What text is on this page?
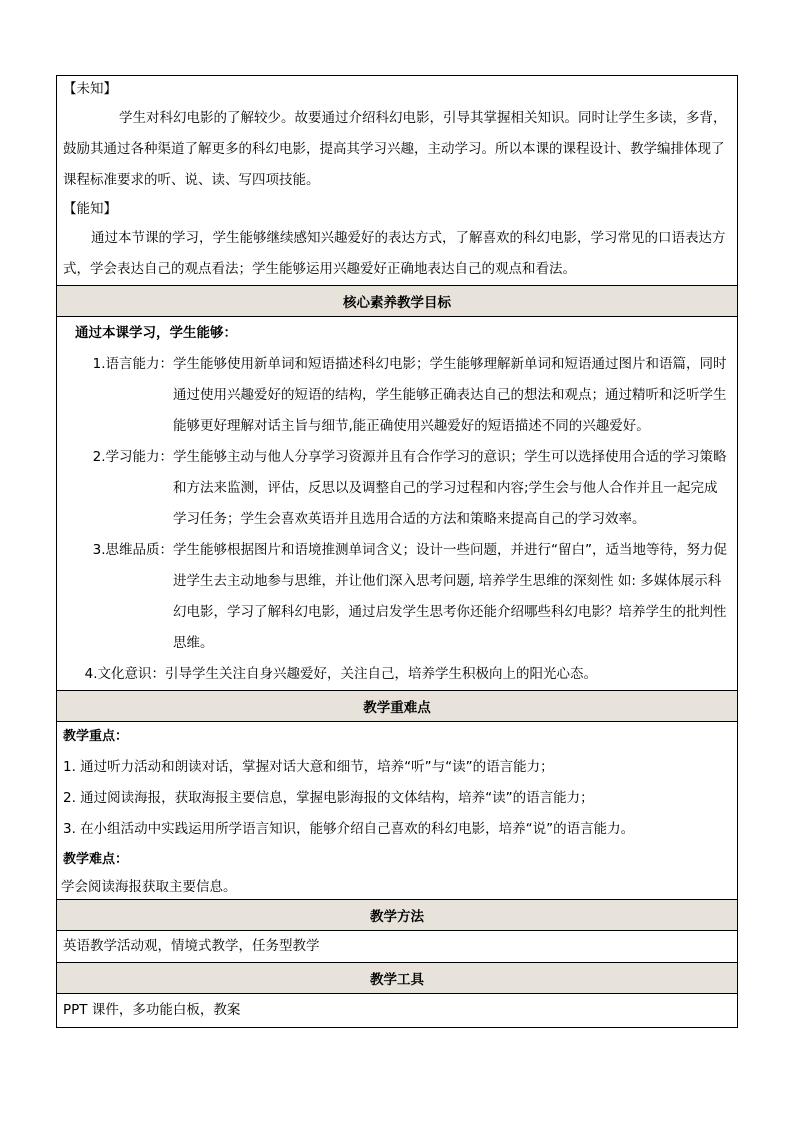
【未知】
学生对科幻电影的了解较少。故要通过介绍科幻电影，引导其掌握相关知识。同时让学生多读，多背，鼓励其通过各种渠道了解更多的科幻电影，提高其学习兴趣，主动学习。所以本课的课程设计、教学编排体现了课程标准要求的听、说、读、写四项技能。
【能知】
通过本节课的学习，学生能够继续感知兴趣爱好的表达方式，了解喜欢的科幻电影，学习常见的口语表达方式，学会表达自己的观点看法；学生能够运用兴趣爱好正确地表达自己的观点和看法。

核心素养教学目标

通过本课学习，学生能够：
1.语言能力： 学生能够使用新单词和短语描述科幻电影；学生能够理解新单词和短语通过图片和语篇，同时通过使用兴趣爱好的短语的结构，学生能够正确表达自己的想法和观点；通过精听和泛听学生能够更好理解对话主旨与细节,能正确使用兴趣爱好的短语描述不同的兴趣爱好。
2.学习能力： 学生能够主动与他人分享学习资源并且有合作学习的意识；学生可以选择使用合适的学习策略和方法来监测，评估，反思以及调整自己的学习过程和内容;学生会与他人合作并且一起完成学习任务；学生会喜欢英语并且选用合适的方法和策略来提高自己的学习效率。
3.思维品质： 学生能够根据图片和语境推测单词含义；设计一些问题，并进行“留白”，适当地等待，努力促进学生去主动地参与思维，并让他们深入思考问题, 培养学生思维的深刻性 如: 多媒体展示科幻电影，学习了解科幻电影，通过启发学生思考你还能介绍哪些科幻电影？培养学生的批判性思维。
4.文化意识： 引导学生关注自身兴趣爱好，关注自己，培养学生积极向上的阳光心态。

教学重难点

教学重点：
1. 通过听力活动和朗读对话，掌握对话大意和细节，培养“听”与“读”的语言能力；
2. 通过阅读海报，获取海报主要信息，掌握电影海报的文体结构，培养“读”的语言能力；
3. 在小组活动中实践运用所学语言知识，能够介绍自己喜欢的科幻电影，培养“说”的语言能力。
教学难点：
学会阅读海报获取主要信息。

教学方法
英语教学活动观，情境式教学，任务型教学
教学工具
PPT 课件，多功能白板，教案
